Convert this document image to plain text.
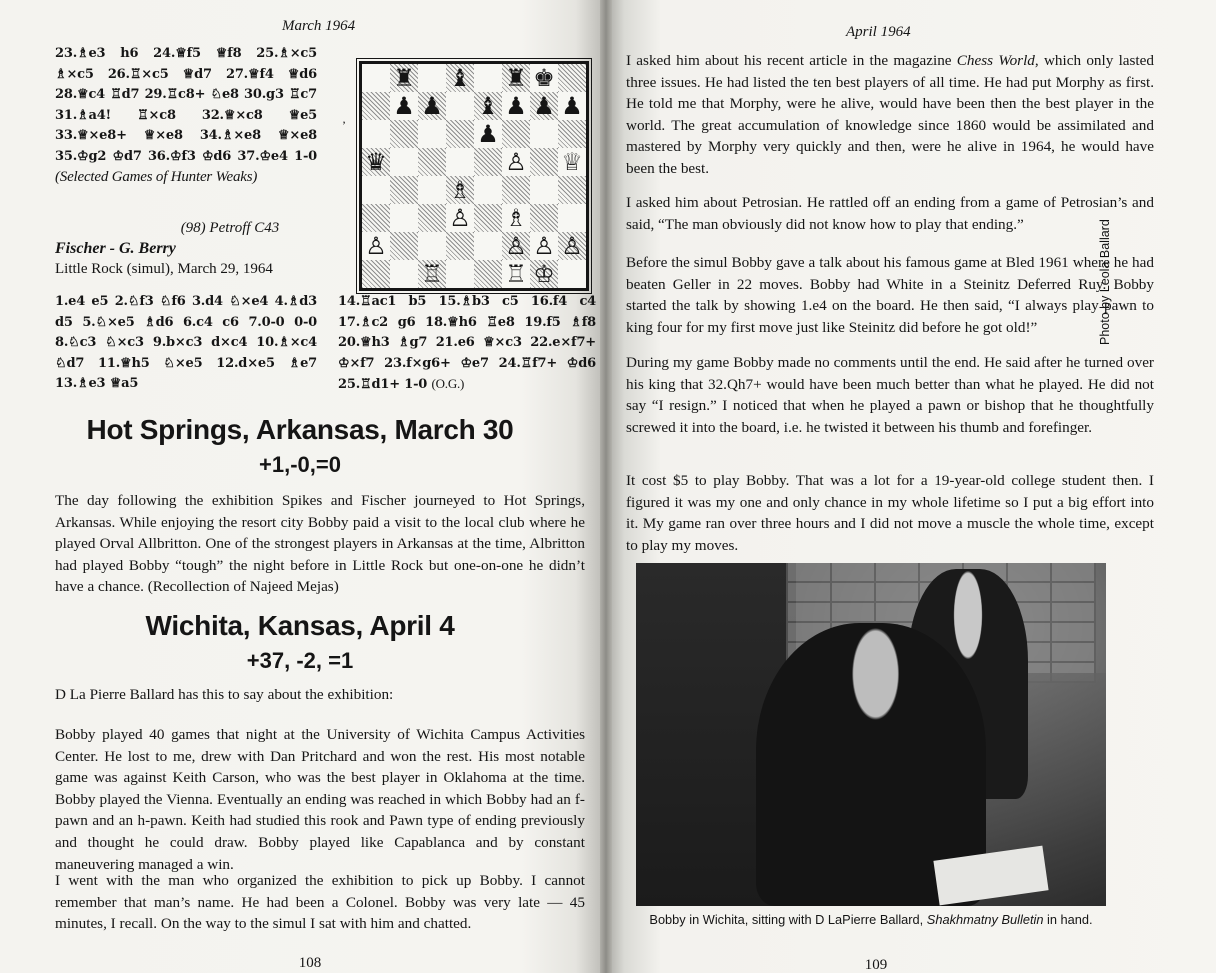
March 1964

23.♗e3 h6 24.♕f5 ♕f8 25.♗×c5 ♗×c5 26.♖×c5 ♕d7 27.♕f4 ♕d6 28.♕c4 ♖d7 29.♖c8+ ♘e8 30.g3 ♖c7 31.♗a4! ♖×c8 32.♕×c8 ♕e5 33.♕×e8+ ♕×e8 34.♗×e8 ♕×e8 35.♔g2 ♔d7 36.♔f3 ♔d6 37.♔e4 1-0 (Selected Games of Hunter Weaks)

♜ ♝ ♜ ♚
♟ ♟ ♝ ♟ ♟ ♟
♟
♛	♙ ♕
♗
♙ ♗
♙	♙ ♙ ♙
♖	♖ ♔
’
(98) Petroff C43
Fischer - G. Berry
Little Rock (simul), March 29, 1964

1.e4 e5 2.♘f3 ♘f6 3.d4 ♘×e4 4.♗d3 d5 5.♘×e5 ♗d6 6.c4 c6 7.0-0 0-0 8.♘c3 ♘×c3 9.b×c3 d×c4 10.♗×c4 ♘d7 11.♕h5 ♘×e5 12.d×e5 ♗e7 13.♗e3 ♕a5

14.♖ac1 b5 15.♗b3 c5 16.f4 c4 17.♗c2 g6 18.♕h6 ♖e8 19.f5 ♗f8 20.♕h3 ♗g7 21.e6 ♕×c3 22.e×f7+ ♔×f7 23.f×g6+ ♔e7 24.♖f7+ ♔d6 25.♖d1+ 1-0 (O.G.)

Hot Springs, Arkansas, March 30
+1,-0,=0

The day following the exhibition Spikes and Fischer journeyed to Hot Springs, Arkansas. While enjoying the resort city Bobby paid a visit to the local club where he played Orval Allbritton. One of the strongest players in Arkansas at the time, Albritton had played Bobby “tough” the night before in Little Rock but one-on-one he didn’t have a chance. (Recollection of Najeed Mejas)

Wichita, Kansas, April 4
+37, -2, =1

D La Pierre Ballard has this to say about the exhibition:

Bobby played 40 games that night at the University of Wichita Campus Activities Center. He lost to me, drew with Dan Pritchard and won the rest. His most notable game was against Keith Carson, who was the best player in Oklahoma at the time. Bobby played the Vienna. Eventually an ending was reached in which Bobby had an f-pawn and an h-pawn. Keith had studied this rook and Pawn type of ending previously and thought he could draw. Bobby played like Capablanca and by constant maneuvering managed a win.

I went with the man who organized the exhibition to pick up Bobby. I cannot remember that man’s name. He had been a Colonel. Bobby was very late — 45 minutes, I recall. On the way to the simul I sat with him and chatted.

108
April 1964

I asked him about his recent article in the magazine Chess World, which only lasted three issues. He had listed the ten best players of all time. He had put Morphy as first. He told me that Morphy, were he alive, would have been then the best player in the world. The great accumulation of knowledge since 1860 would be assimilated and mastered by Morphy very quickly and then, were he alive in 1964, he would have been the best.

I asked him about Petrosian. He rattled off an ending from a game of Petrosian’s and said, “The man obviously did not know how to play that ending.”

Before the simul Bobby gave a talk about his famous game at Bled 1961 where he had beaten Geller in 22 moves. Bobby had White in a Steinitz Deferred Ruy. Bobby started the talk by showing 1.e4 on the board. He then said, “I always play pawn to king four for my first move just like Steinitz did before he got old!”

During my game Bobby made no comments until the end. He said after he turned over his king that 32.Qh7+ would have been much better than what he played. He did not say “I resign.” I noticed that when he played a pawn or bishop that he thoughtfully screwed it into the board, i.e. he twisted it between his thumb and forefinger.

It cost $5 to play Bobby. That was a lot for a 19-year-old college student then. I figured it was my one and only chance in my whole lifetime so I put a big effort into it. My game ran over three hours and I did not move a muscle the whole time, except to play my moves.

Photo by Leola Ballard
Bobby in Wichita, sitting with D LaPierre Ballard, Shakhmatny Bulletin in hand.
109
